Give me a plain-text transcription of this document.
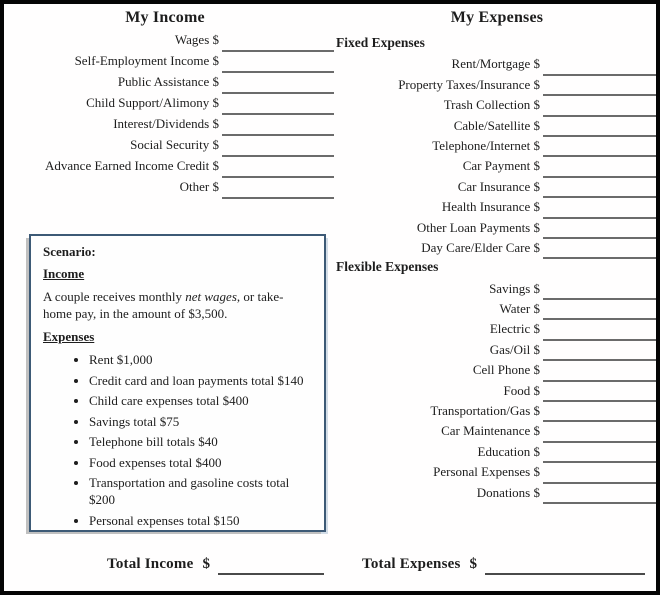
My Income
Wages $
Self-Employment Income $
Public Assistance $
Child Support/Alimony $
Interest/Dividends $
Social Security $
Advance Earned Income Credit $
Other $
My Expenses
Fixed Expenses
Rent/Mortgage $
Property Taxes/Insurance $
Trash Collection $
Cable/Satellite $
Telephone/Internet $
Car Payment $
Car Insurance $
Health Insurance $
Other Loan Payments $
Day Care/Elder Care $
Flexible Expenses
Savings $
Water $
Electric $
Gas/Oil $
Cell Phone $
Food $
Transportation/Gas $
Car Maintenance $
Education $
Personal Expenses $
Donations $

Scenario:

Income

A couple receives monthly net wages, or take-home pay, in the amount of $3,500.

Expenses

• Rent $1,000
• Credit card and loan payments total $140
• Child care expenses total $400
• Savings total $75
• Telephone bill totals $40
• Food expenses total $400
• Transportation and gasoline costs total $200
• Personal expenses total $150
Total Income $	Total Expenses $
